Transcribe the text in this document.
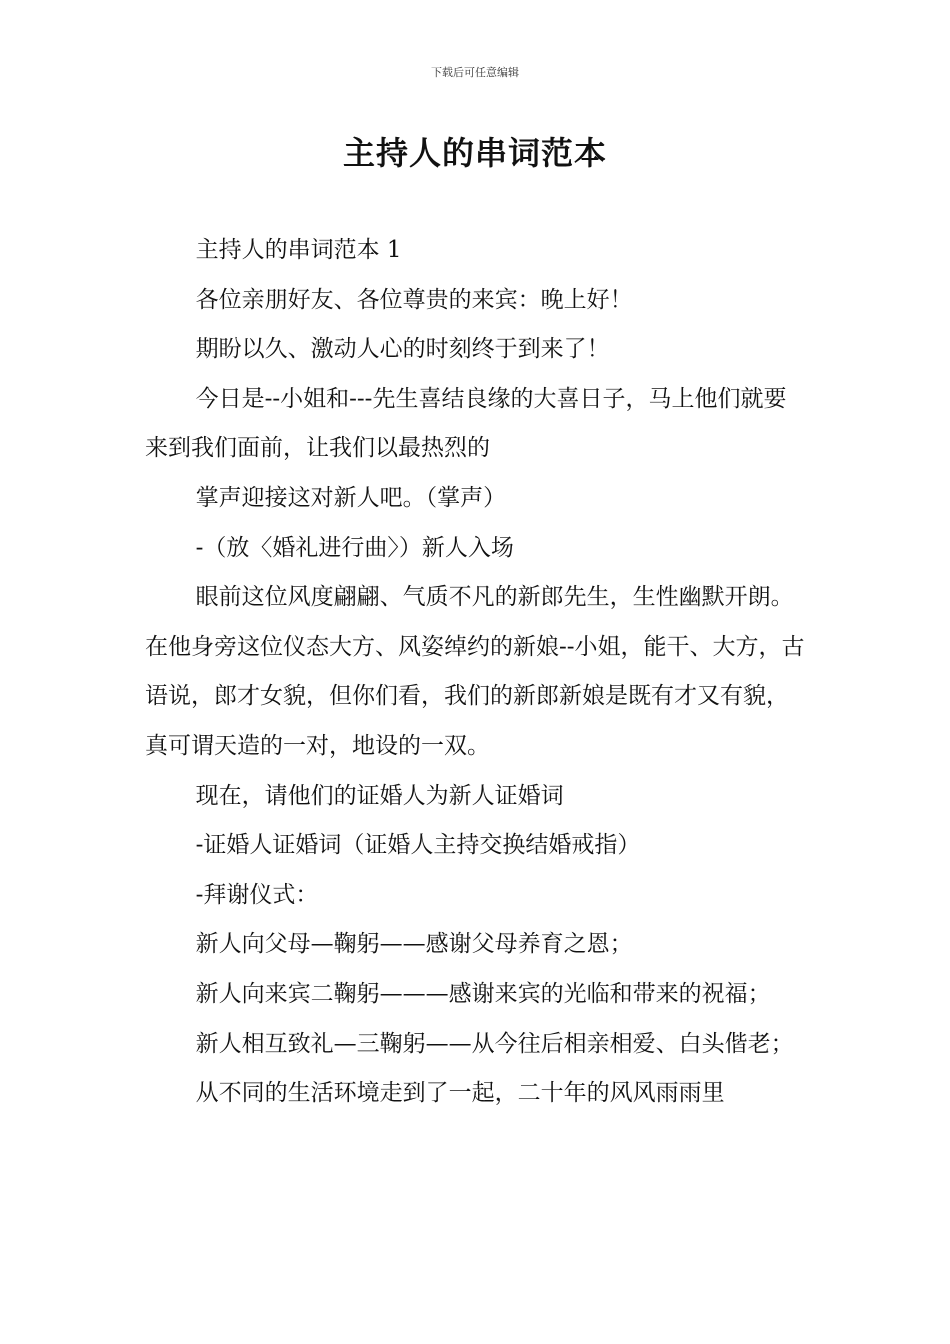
下载后可任意编辑
主持人的串词范本

主持人的串词范本 1

各位亲朋好友、各位尊贵的来宾：晚上好！

期盼以久、激动人心的时刻终于到来了！

今日是--小姐和---先生喜结良缘的大喜日子，马上他们就要来到我们面前，让我们以最热烈的

掌声迎接这对新人吧。（掌声）

-（放〈婚礼进行曲〉）新人入场

眼前这位风度翩翩、气质不凡的新郎先生，生性幽默开朗。在他身旁这位仪态大方、风姿绰约的新娘--小姐，能干、大方，古语说，郎才女貌，但你们看，我们的新郎新娘是既有才又有貌，真可谓天造的一对，地设的一双。

现在，请他们的证婚人为新人证婚词

-证婚人证婚词（证婚人主持交换结婚戒指）

-拜谢仪式：

新人向父母—鞠躬——感谢父母养育之恩；

新人向来宾二鞠躬———感谢来宾的光临和带来的祝福；

新人相互致礼—三鞠躬——从今往后相亲相爱、白头偕老；

从不同的生活环境走到了一起，二十年的风风雨雨里
